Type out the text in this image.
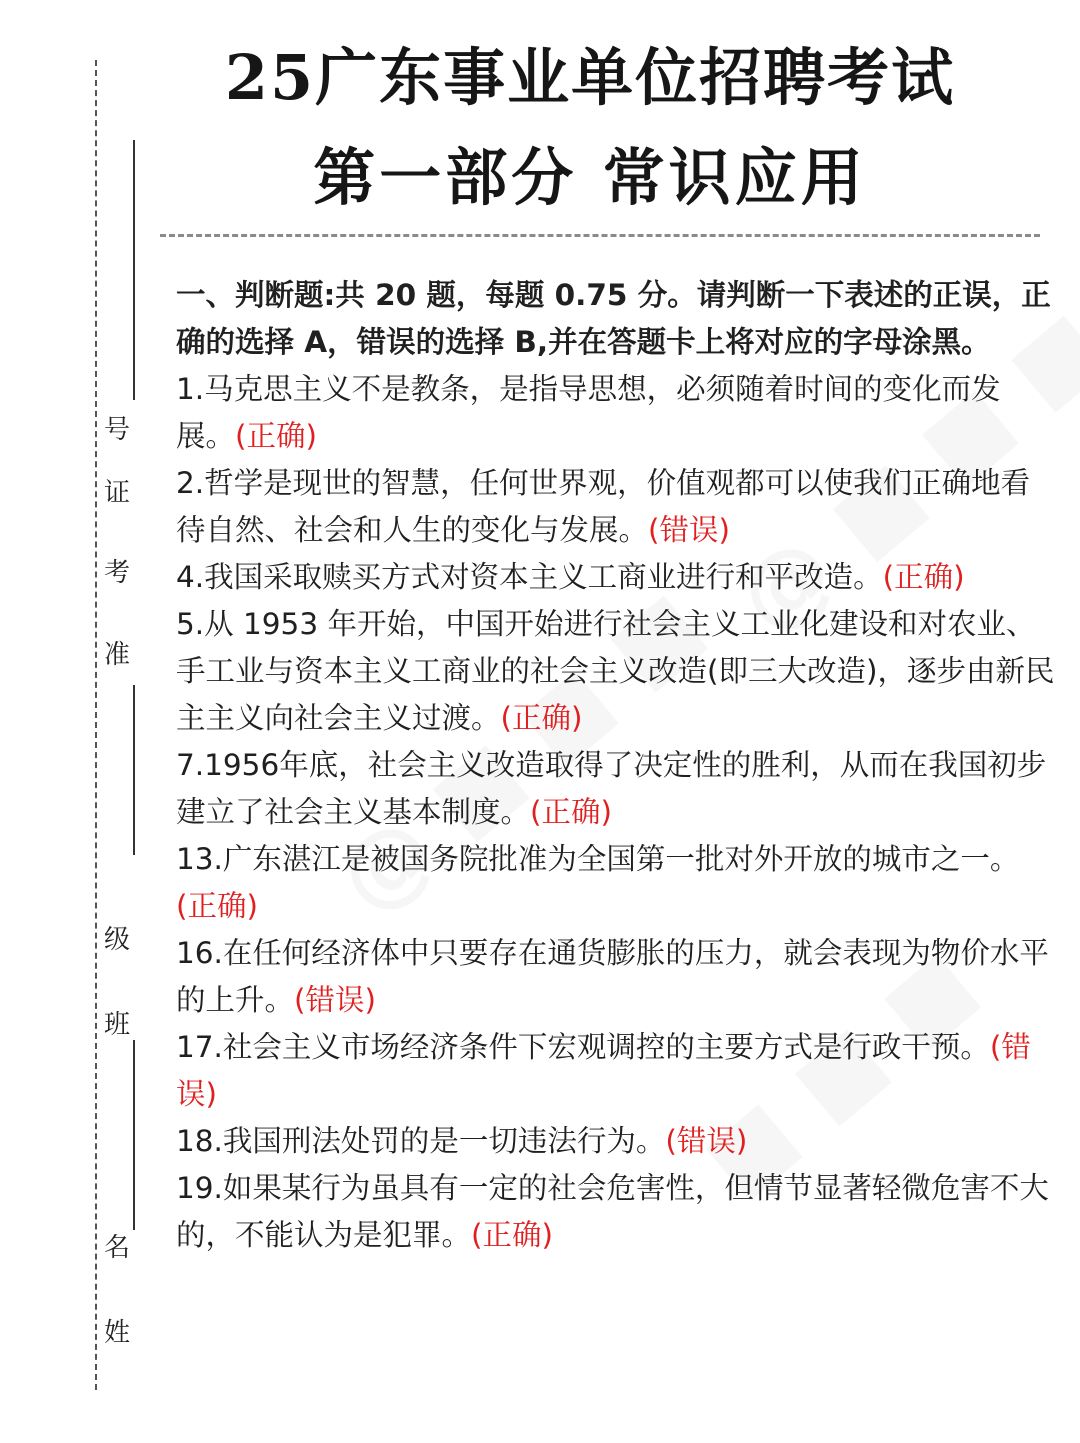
号
证
考
准
级
班
名
姓
25广东事业单位招聘考试
第一部分 常识应用

一、判断题:共 20 题，每题 0.75 分。请判断一下表述的正误，正确的选择 A，错误的选择 B,并在答题卡上将对应的字母涂黑。

1.马克思主义不是教条，是指导思想，必须随着时间的变化而发展。(正确)

2.哲学是现世的智慧，任何世界观，价值观都可以使我们正确地看待自然、社会和人生的变化与发展。(错误)

4.我国采取赎买方式对资本主义工商业进行和平改造。(正确)

5.从 1953 年开始，中国开始进行社会主义工业化建设和对农业、手工业与资本主义工商业的社会主义改造(即三大改造)，逐步由新民主主义向社会主义过渡。(正确)

7.1956年底，社会主义改造取得了决定性的胜利，从而在我国初步建立了社会主义基本制度。(正确)

13.广东湛江是被国务院批准为全国第一批对外开放的城市之一。(正确)

16.在任何经济体中只要存在通货膨胀的压力，就会表现为物价水平的上升。(错误)

17.社会主义市场经济条件下宏观调控的主要方式是行政干预。(错误)

18.我国刑法处罚的是一切违法行为。(错误)

19.如果某行为虽具有一定的社会危害性，但情节显著轻微危害不大的，不能认为是犯罪。(正确)
